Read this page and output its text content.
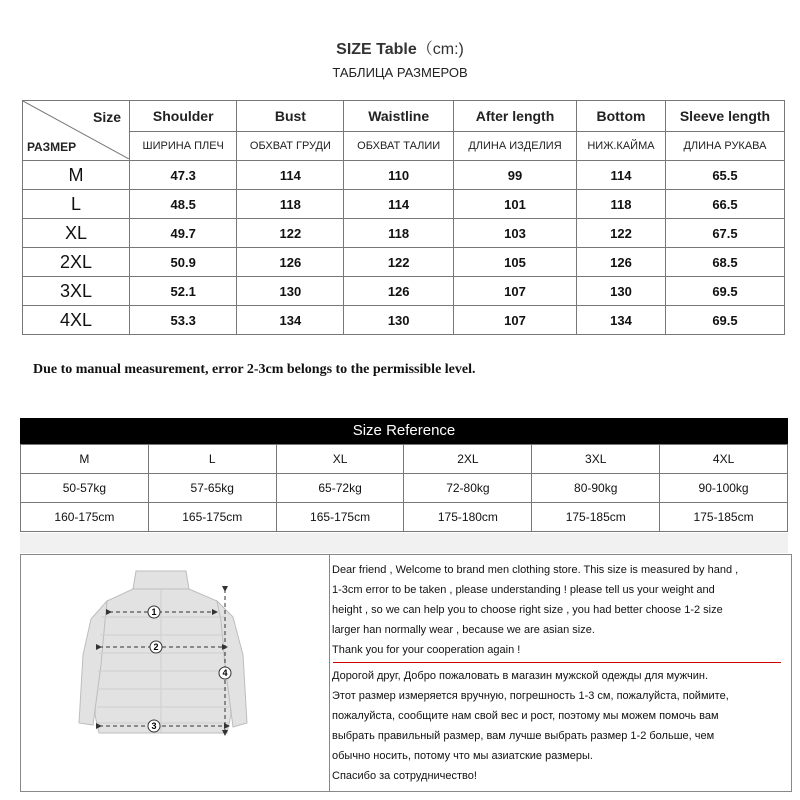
SIZE Table（cm:)
ТАБЛИЦА РАЗМЕРОВ
Size
РАЗМЕР	Shoulder	Bust	Waistline	After length	Bottom	Sleeve length
	ШИРИНА ПЛЕЧ	ОБХВАТ ГРУДИ	ОБХВАТ ТАЛИИ	ДЛИНА ИЗДЕЛИЯ	НИЖ.КАЙМА	ДЛИНА РУКАВА
M	47.3	114	110	99	114	65.5
L	48.5	118	114	101	118	66.5
XL	49.7	122	118	103	122	67.5
2XL	50.9	126	122	105	126	68.5
3XL	52.1	130	126	107	130	69.5
4XL	53.3	134	130	107	134	69.5
Due to manual measurement, error 2-3cm belongs to the permissible level.
Size Reference
M	L	XL	2XL	3XL	4XL
50-57kg	57-65kg	65-72kg	72-80kg	80-90kg	90-100kg
160-175cm	165-175cm	165-175cm	175-180cm	175-185cm	175-185cm
1
2
3
4
Dear friend , Welcome to brand men clothing store. This size is measured by hand ,
1-3cm error to be taken , please understanding ! please tell us your weight and
height , so we can help you to choose right size , you had better choose 1-2 size
larger han normally wear , because we are asian size.
Thank you for your cooperation again !
Дорогой друг, Добро пожаловать в магазин мужской одежды для мужчин.
Этот размер измеряется вручную, погрешность 1-3 см, пожалуйста, поймите,
пожалуйста, сообщите нам свой вес и рост, поэтому мы можем помочь вам
выбрать правильный размер, вам лучше выбрать размер 1-2 больше, чем
обычно носить, потому что мы азиатские размеры.
Спасибо за сотрудничество!
